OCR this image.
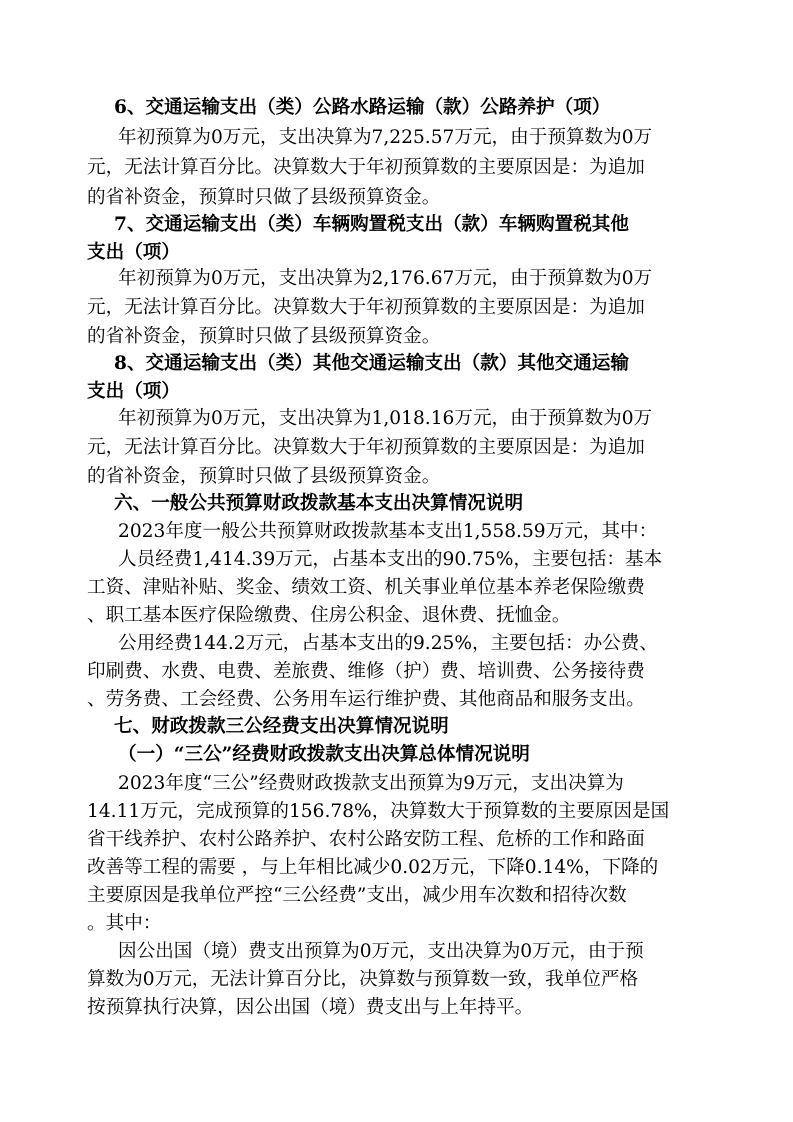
6、交通运输支出（类）公路水路运输（款）公路养护（项）

年初预算为0万元，支出决算为7,225.57万元，由于预算数为0万

元，无法计算百分比。决算数大于年初预算数的主要原因是：为追加

的省补资金，预算时只做了县级预算资金。

7、交通运输支出（类）车辆购置税支出（款）车辆购置税其他

支出（项）

年初预算为0万元，支出决算为2,176.67万元，由于预算数为0万

元，无法计算百分比。决算数大于年初预算数的主要原因是：为追加

的省补资金，预算时只做了县级预算资金。

8、交通运输支出（类）其他交通运输支出（款）其他交通运输

支出（项）

年初预算为0万元，支出决算为1,018.16万元，由于预算数为0万

元，无法计算百分比。决算数大于年初预算数的主要原因是：为追加

的省补资金，预算时只做了县级预算资金。

六、一般公共预算财政拨款基本支出决算情况说明

2023年度一般公共预算财政拨款基本支出1,558.59万元，其中：

人员经费1,414.39万元，占基本支出的90.75%，主要包括：基本

工资、津贴补贴、奖金、绩效工资、机关事业单位基本养老保险缴费

、职工基本医疗保险缴费、住房公积金、退休费、抚恤金。

公用经费144.2万元，占基本支出的9.25%，主要包括：办公费、

印刷费、水费、电费、差旅费、维修（护）费、培训费、公务接待费

、劳务费、工会经费、公务用车运行维护费、其他商品和服务支出。

七、财政拨款三公经费支出决算情况说明

（一）“三公”经费财政拨款支出决算总体情况说明

2023年度“三公”经费财政拨款支出预算为9万元，支出决算为

14.11万元，完成预算的156.78%，决算数大于预算数的主要原因是国

省干线养护、农村公路养护、农村公路安防工程、危桥的工作和路面

改善等工程的需要 ，与上年相比减少0.02万元，下降0.14%，下降的

主要原因是我单位严控“三公经费”支出，减少用车次数和招待次数

。其中：

因公出国（境）费支出预算为0万元，支出决算为0万元，由于预

算数为0万元，无法计算百分比，决算数与预算数一致，我单位严格

按预算执行决算，因公出国（境）费支出与上年持平。
